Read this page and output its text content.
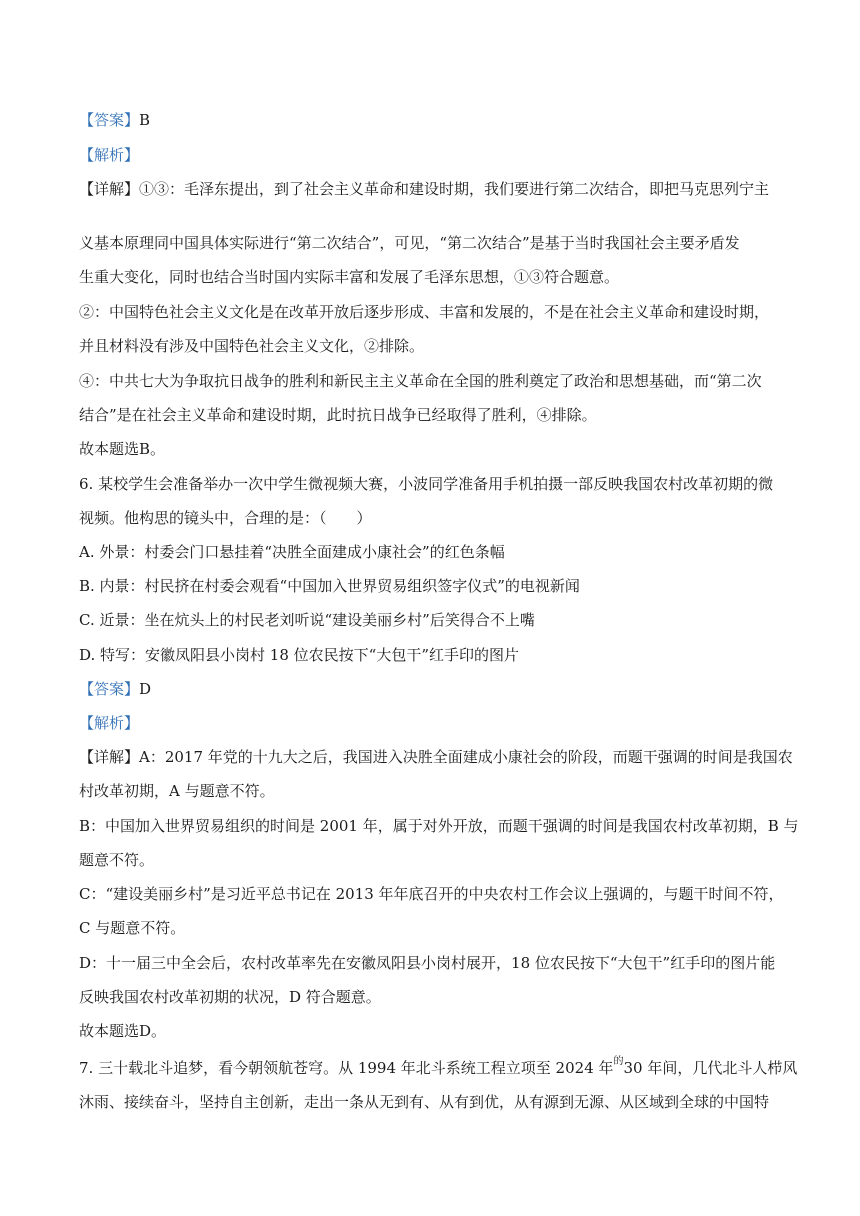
【答案】B
【解析】
【详解】①③：毛泽东提出，到了社会主义革命和建设时期，我们要进行第二次结合，即把马克思列宁主
义基本原理同中国具体实际进行“第二次结合”，可见，“第二次结合”是基于当时我国社会主要矛盾发
生重大变化，同时也结合当时国内实际丰富和发展了毛泽东思想，①③符合题意。
②：中国特色社会主义文化是在改革开放后逐步形成、丰富和发展的，不是在社会主义革命和建设时期，
并且材料没有涉及中国特色社会主义文化，②排除。
④：中共七大为争取抗日战争的胜利和新民主主义革命在全国的胜利奠定了政治和思想基础，而“第二次
结合”是在社会主义革命和建设时期，此时抗日战争已经取得了胜利，④排除。
故本题选B。
6. 某校学生会准备举办一次中学生微视频大赛，小波同学准备用手机拍摄一部反映我国农村改革初期的微
视频。他构思的镜头中，合理的是：（　　）
A. 外景：村委会门口悬挂着“决胜全面建成小康社会”的红色条幅
B. 内景：村民挤在村委会观看“中国加入世界贸易组织签字仪式”的电视新闻
C. 近景：坐在炕头上的村民老刘听说“建设美丽乡村”后笑得合不上嘴
D. 特写：安徽凤阳县小岗村 18 位农民按下“大包干”红手印的图片
【答案】D
【解析】
【详解】A：2017 年党的十九大之后，我国进入决胜全面建成小康社会的阶段，而题干强调的时间是我国农
村改革初期，A 与题意不符。
B：中国加入世界贸易组织的时间是 2001 年，属于对外开放，而题干强调的时间是我国农村改革初期，B 与
题意不符。
C：“建设美丽乡村”是习近平总书记在 2013 年年底召开的中央农村工作会议上强调的，与题干时间不符，
C 与题意不符。
D：十一届三中全会后，农村改革率先在安徽凤阳县小岗村展开，18 位农民按下“大包干”红手印的图片能
反映我国农村改革初期的状况，D 符合题意。
故本题选D。
7. 三十载北斗追梦，看今朝领航苍穹。从 1994 年北斗系统工程立项至 2024 年$^的$30 年间，几代北斗人栉风
沐雨、接续奋斗，坚持自主创新，走出一条从无到有、从有到优，从有源到无源、从区域到全球的中国特
